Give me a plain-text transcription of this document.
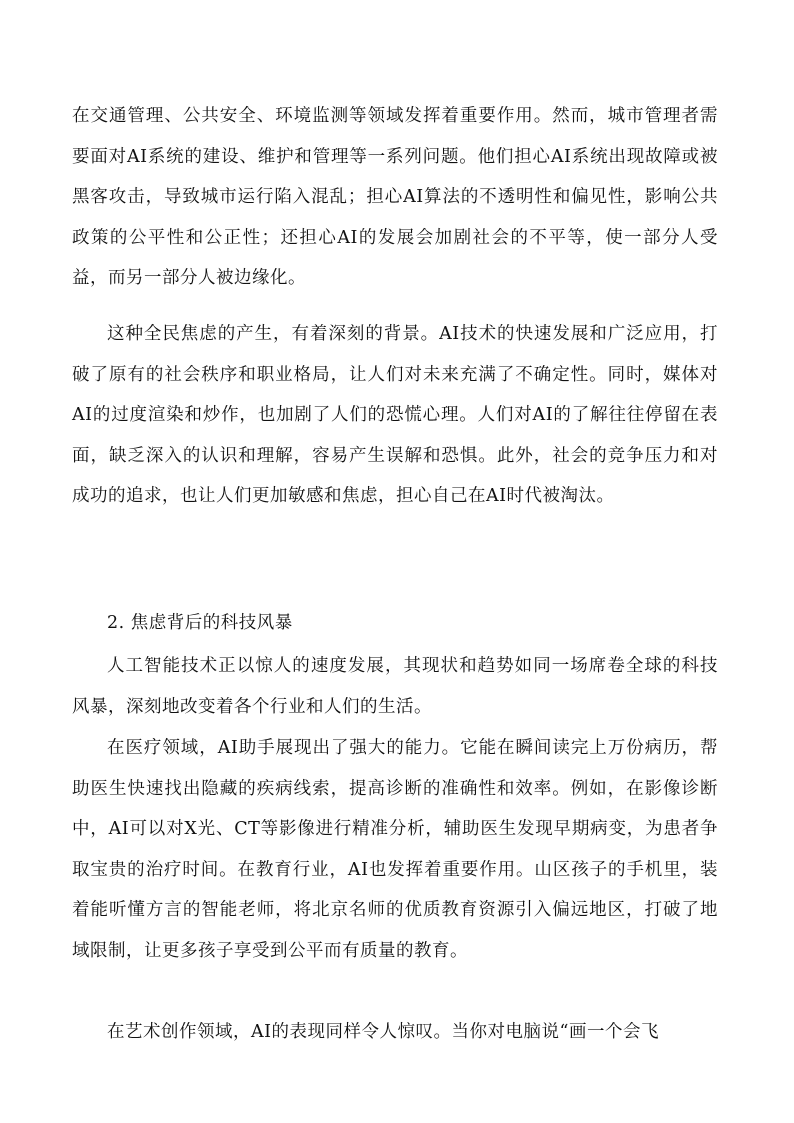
在交通管理、公共安全、环境监测等领域发挥着重要作用。然而，城市管理者需要面对AI系统的建设、维护和管理等一系列问题。他们担心AI系统出现故障或被黑客攻击，导致城市运行陷入混乱；担心AI算法的不透明性和偏见性，影响公共政策的公平性和公正性；还担心AI的发展会加剧社会的不平等，使一部分人受益，而另一部分人被边缘化。

这种全民焦虑的产生，有着深刻的背景。AI技术的快速发展和广泛应用，打破了原有的社会秩序和职业格局，让人们对未来充满了不确定性。同时，媒体对AI的过度渲染和炒作，也加剧了人们的恐慌心理。人们对AI的了解往往停留在表面，缺乏深入的认识和理解，容易产生误解和恐惧。此外，社会的竞争压力和对成功的追求，也让人们更加敏感和焦虑，担心自己在AI时代被淘汰。

2. 焦虑背后的科技风暴

人工智能技术正以惊人的速度发展，其现状和趋势如同一场席卷全球的科技风暴，深刻地改变着各个行业和人们的生活。

在医疗领域，AI助手展现出了强大的能力。它能在瞬间读完上万份病历，帮助医生快速找出隐藏的疾病线索，提高诊断的准确性和效率。例如，在影像诊断中，AI可以对X光、CT等影像进行精准分析，辅助医生发现早期病变，为患者争取宝贵的治疗时间。在教育行业，AI也发挥着重要作用。山区孩子的手机里，装着能听懂方言的智能老师，将北京名师的优质教育资源引入偏远地区，打破了地域限制，让更多孩子享受到公平而有质量的教育。

在艺术创作领域，AI的表现同样令人惊叹。当你对电脑说“画一个会飞
